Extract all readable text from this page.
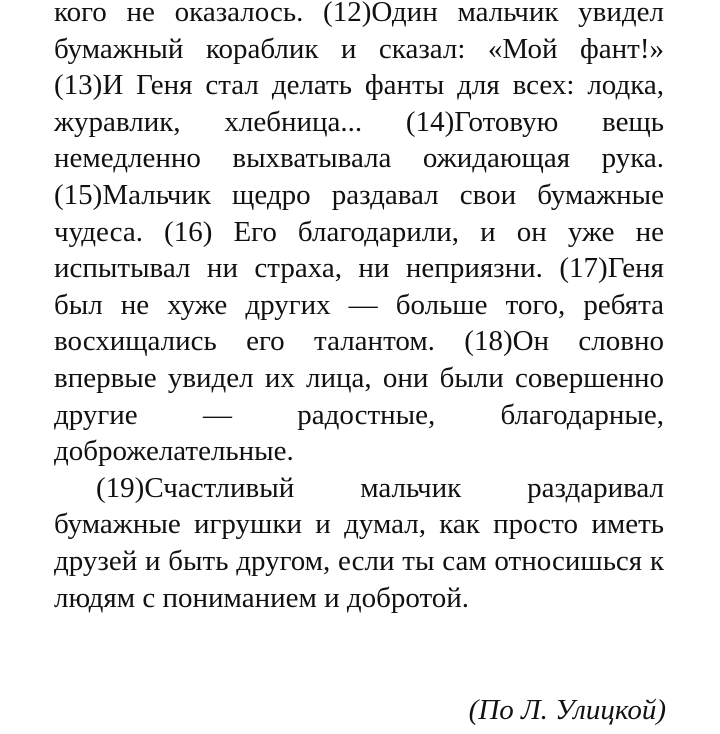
кого не оказалось. (12)Один мальчик увидел бумажный кораблик и сказал: «Мой фант!» (13)И Геня стал делать фанты для всех: лодка, журавлик, хлебница... (14)Готовую вещь немедленно выхватывала ожидающая рука. (15)Мальчик щедро раздавал свои бумажные чудеса. (16) Его благодарили, и он уже не испытывал ни страха, ни неприязни. (17)Геня был не хуже других — больше того, ребята восхищались его талантом. (18)Он словно впервые увидел их лица, они были совершенно другие — радостные, благодарные, доброжелательные.

(19)Счастливый мальчик раздаривал бумажные игрушки и думал, как просто иметь друзей и быть другом, если ты сам относишься к людям с пониманием и добротой.

(По Л. Улицкой)
